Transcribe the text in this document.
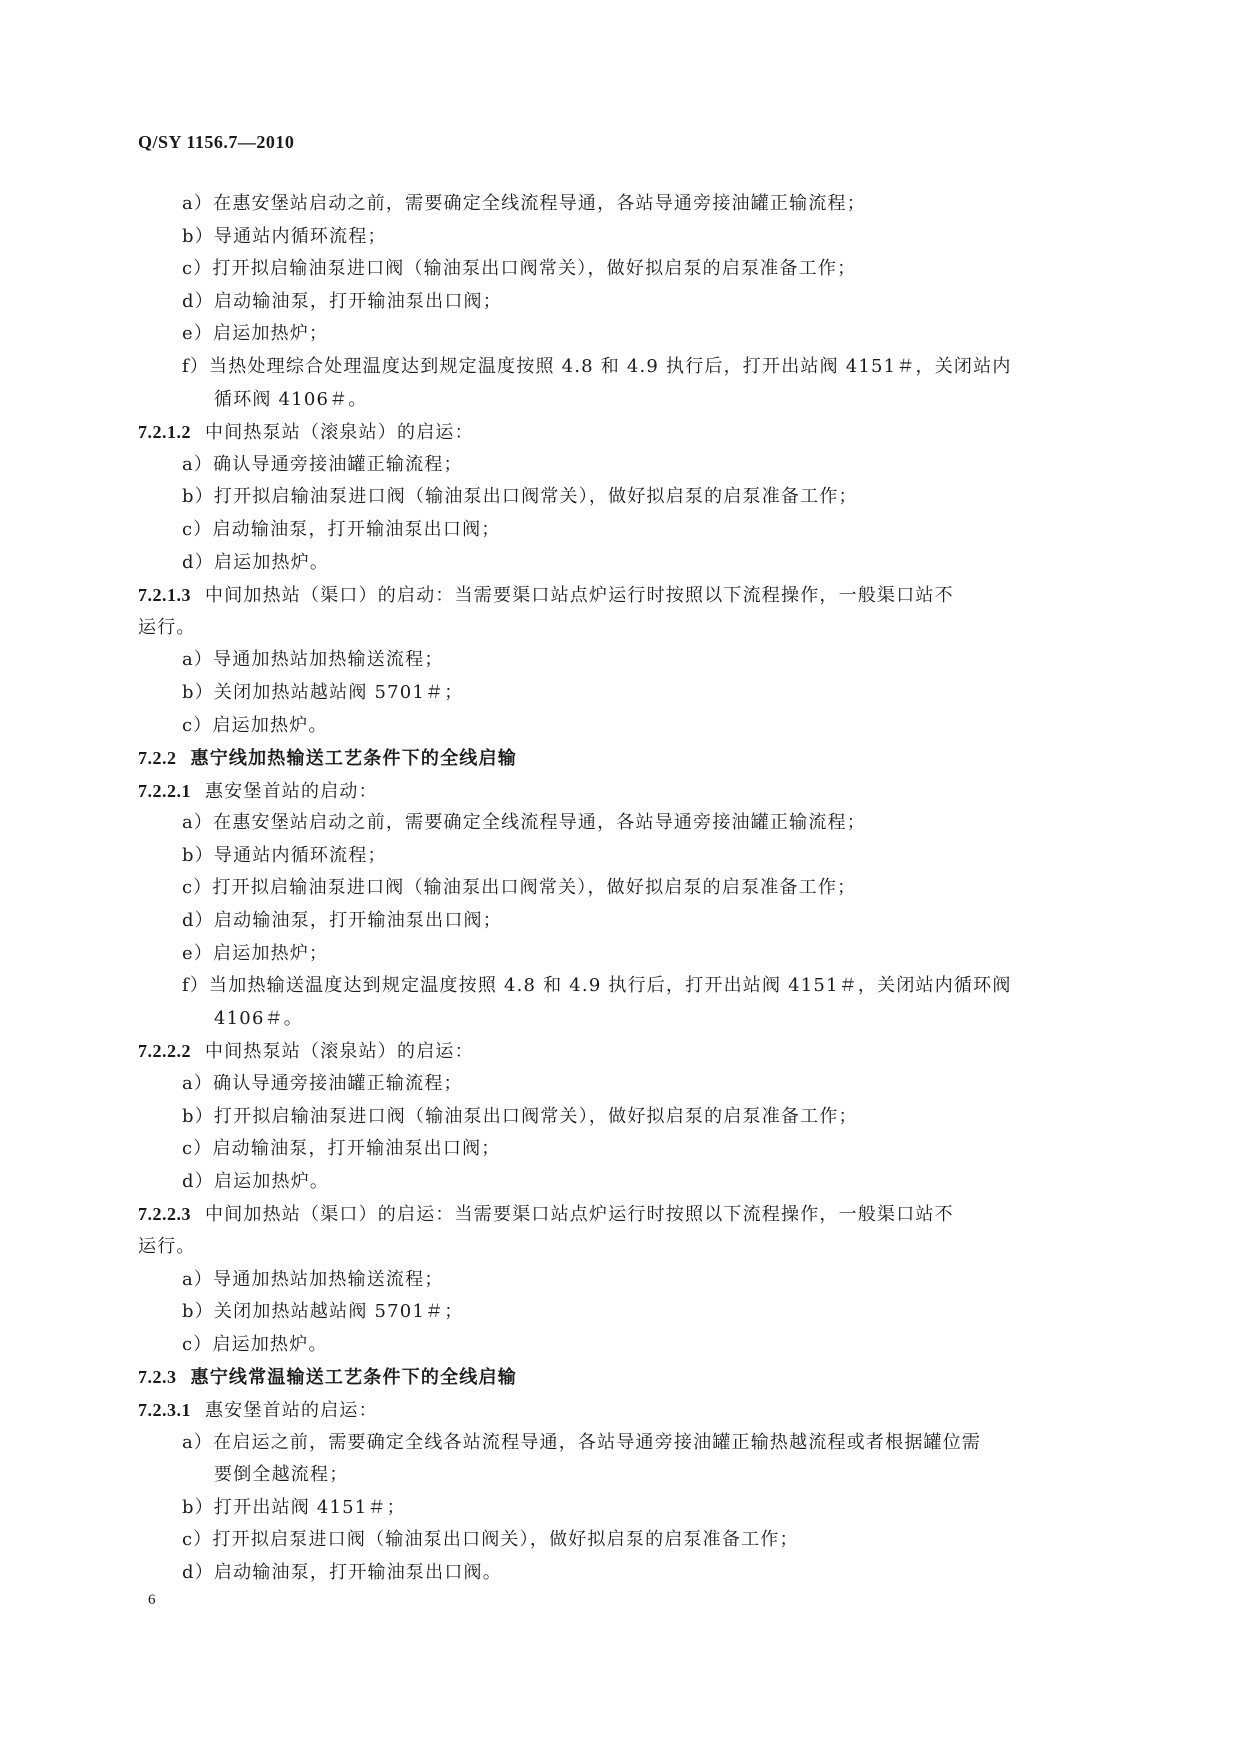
Q/SY 1156.7—2010
a）在惠安堡站启动之前，需要确定全线流程导通，各站导通旁接油罐正输流程；
b）导通站内循环流程；
c）打开拟启输油泵进口阀（输油泵出口阀常关），做好拟启泵的启泵准备工作；
d）启动输油泵，打开输油泵出口阀；
e）启运加热炉；
f）当热处理综合处理温度达到规定温度按照 4.8 和 4.9 执行后，打开出站阀 4151＃，关闭站内
循环阀 4106＃。
7.2.1.2 中间热泵站（滚泉站）的启运：
a）确认导通旁接油罐正输流程；
b）打开拟启输油泵进口阀（输油泵出口阀常关），做好拟启泵的启泵准备工作；
c）启动输油泵，打开输油泵出口阀；
d）启运加热炉。
7.2.1.3 中间加热站（渠口）的启动：当需要渠口站点炉运行时按照以下流程操作，一般渠口站不
运行。
a）导通加热站加热输送流程；
b）关闭加热站越站阀 5701＃；
c）启运加热炉。
7.2.2 惠宁线加热输送工艺条件下的全线启输
7.2.2.1 惠安堡首站的启动：
a）在惠安堡站启动之前，需要确定全线流程导通，各站导通旁接油罐正输流程；
b）导通站内循环流程；
c）打开拟启输油泵进口阀（输油泵出口阀常关），做好拟启泵的启泵准备工作；
d）启动输油泵，打开输油泵出口阀；
e）启运加热炉；
f）当加热输送温度达到规定温度按照 4.8 和 4.9 执行后，打开出站阀 4151＃，关闭站内循环阀
4106＃。
7.2.2.2 中间热泵站（滚泉站）的启运：
a）确认导通旁接油罐正输流程；
b）打开拟启输油泵进口阀（输油泵出口阀常关），做好拟启泵的启泵准备工作；
c）启动输油泵，打开输油泵出口阀；
d）启运加热炉。
7.2.2.3 中间加热站（渠口）的启运：当需要渠口站点炉运行时按照以下流程操作，一般渠口站不
运行。
a）导通加热站加热输送流程；
b）关闭加热站越站阀 5701＃；
c）启运加热炉。
7.2.3 惠宁线常温输送工艺条件下的全线启输
7.2.3.1 惠安堡首站的启运：
a）在启运之前，需要确定全线各站流程导通，各站导通旁接油罐正输热越流程或者根据罐位需
要倒全越流程；
b）打开出站阀 4151＃；
c）打开拟启泵进口阀（输油泵出口阀关），做好拟启泵的启泵准备工作；
d）启动输油泵，打开输油泵出口阀。
6
